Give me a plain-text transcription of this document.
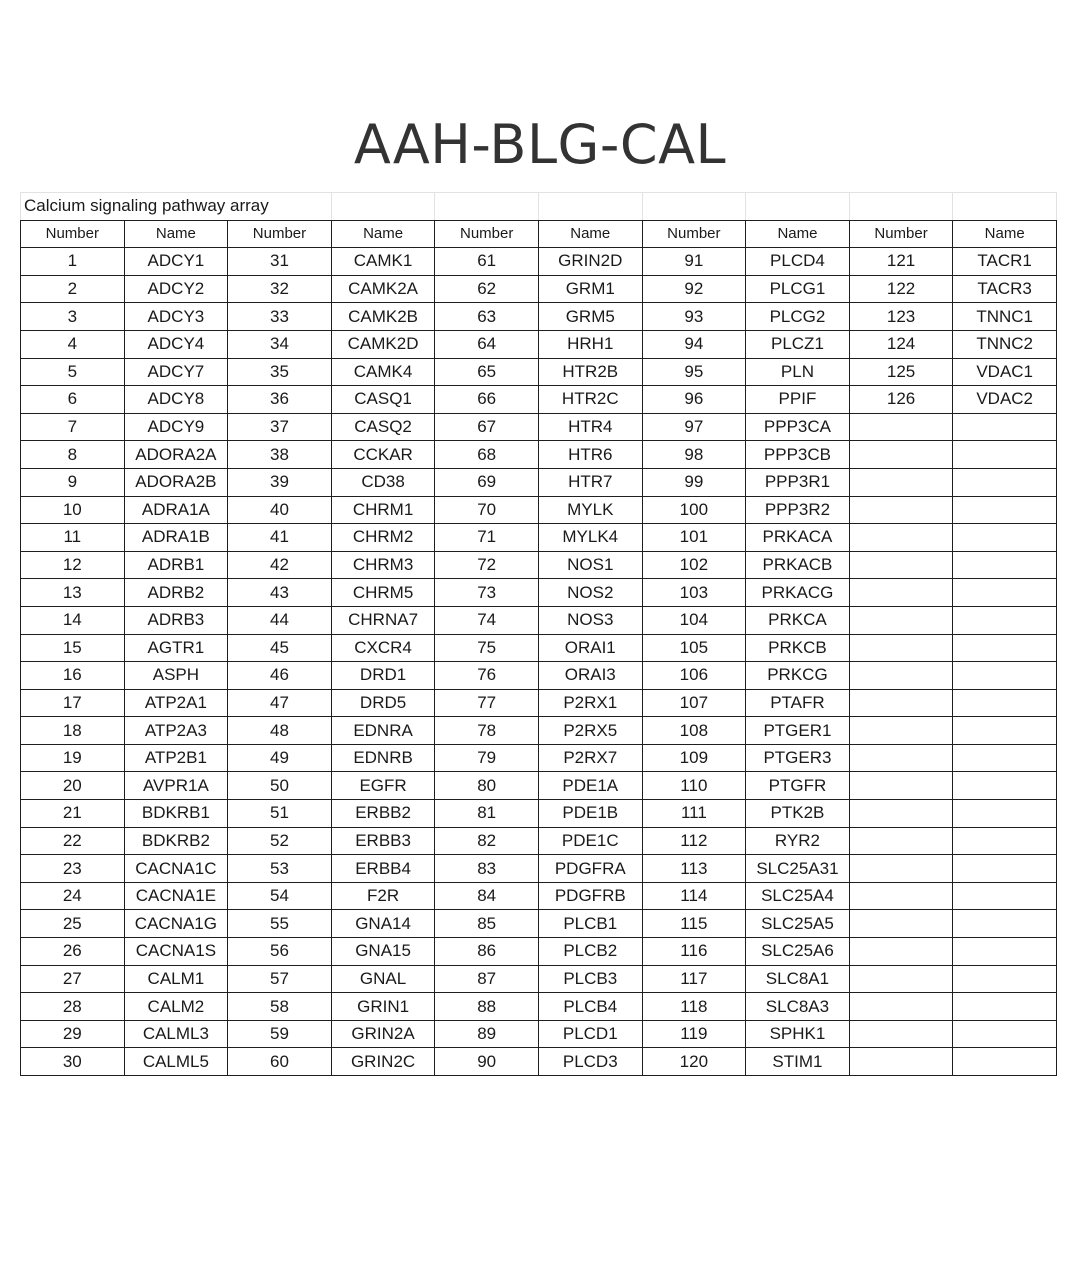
AAH-BLG-CAL
Calcium signaling pathway array									
Number	Name	Number	Name	Number	Name	Number	Name	Number	Name
1	ADCY1	31	CAMK1	61	GRIN2D	91	PLCD4	121	TACR1
2	ADCY2	32	CAMK2A	62	GRM1	92	PLCG1	122	TACR3
3	ADCY3	33	CAMK2B	63	GRM5	93	PLCG2	123	TNNC1
4	ADCY4	34	CAMK2D	64	HRH1	94	PLCZ1	124	TNNC2
5	ADCY7	35	CAMK4	65	HTR2B	95	PLN	125	VDAC1
6	ADCY8	36	CASQ1	66	HTR2C	96	PPIF	126	VDAC2
7	ADCY9	37	CASQ2	67	HTR4	97	PPP3CA		
8	ADORA2A	38	CCKAR	68	HTR6	98	PPP3CB		
9	ADORA2B	39	CD38	69	HTR7	99	PPP3R1		
10	ADRA1A	40	CHRM1	70	MYLK	100	PPP3R2		
11	ADRA1B	41	CHRM2	71	MYLK4	101	PRKACA		
12	ADRB1	42	CHRM3	72	NOS1	102	PRKACB		
13	ADRB2	43	CHRM5	73	NOS2	103	PRKACG		
14	ADRB3	44	CHRNA7	74	NOS3	104	PRKCA		
15	AGTR1	45	CXCR4	75	ORAI1	105	PRKCB		
16	ASPH	46	DRD1	76	ORAI3	106	PRKCG		
17	ATP2A1	47	DRD5	77	P2RX1	107	PTAFR		
18	ATP2A3	48	EDNRA	78	P2RX5	108	PTGER1		
19	ATP2B1	49	EDNRB	79	P2RX7	109	PTGER3		
20	AVPR1A	50	EGFR	80	PDE1A	110	PTGFR		
21	BDKRB1	51	ERBB2	81	PDE1B	111	PTK2B		
22	BDKRB2	52	ERBB3	82	PDE1C	112	RYR2		
23	CACNA1C	53	ERBB4	83	PDGFRA	113	SLC25A31		
24	CACNA1E	54	F2R	84	PDGFRB	114	SLC25A4		
25	CACNA1G	55	GNA14	85	PLCB1	115	SLC25A5		
26	CACNA1S	56	GNA15	86	PLCB2	116	SLC25A6		
27	CALM1	57	GNAL	87	PLCB3	117	SLC8A1		
28	CALM2	58	GRIN1	88	PLCB4	118	SLC8A3		
29	CALML3	59	GRIN2A	89	PLCD1	119	SPHK1		
30	CALML5	60	GRIN2C	90	PLCD3	120	STIM1		
